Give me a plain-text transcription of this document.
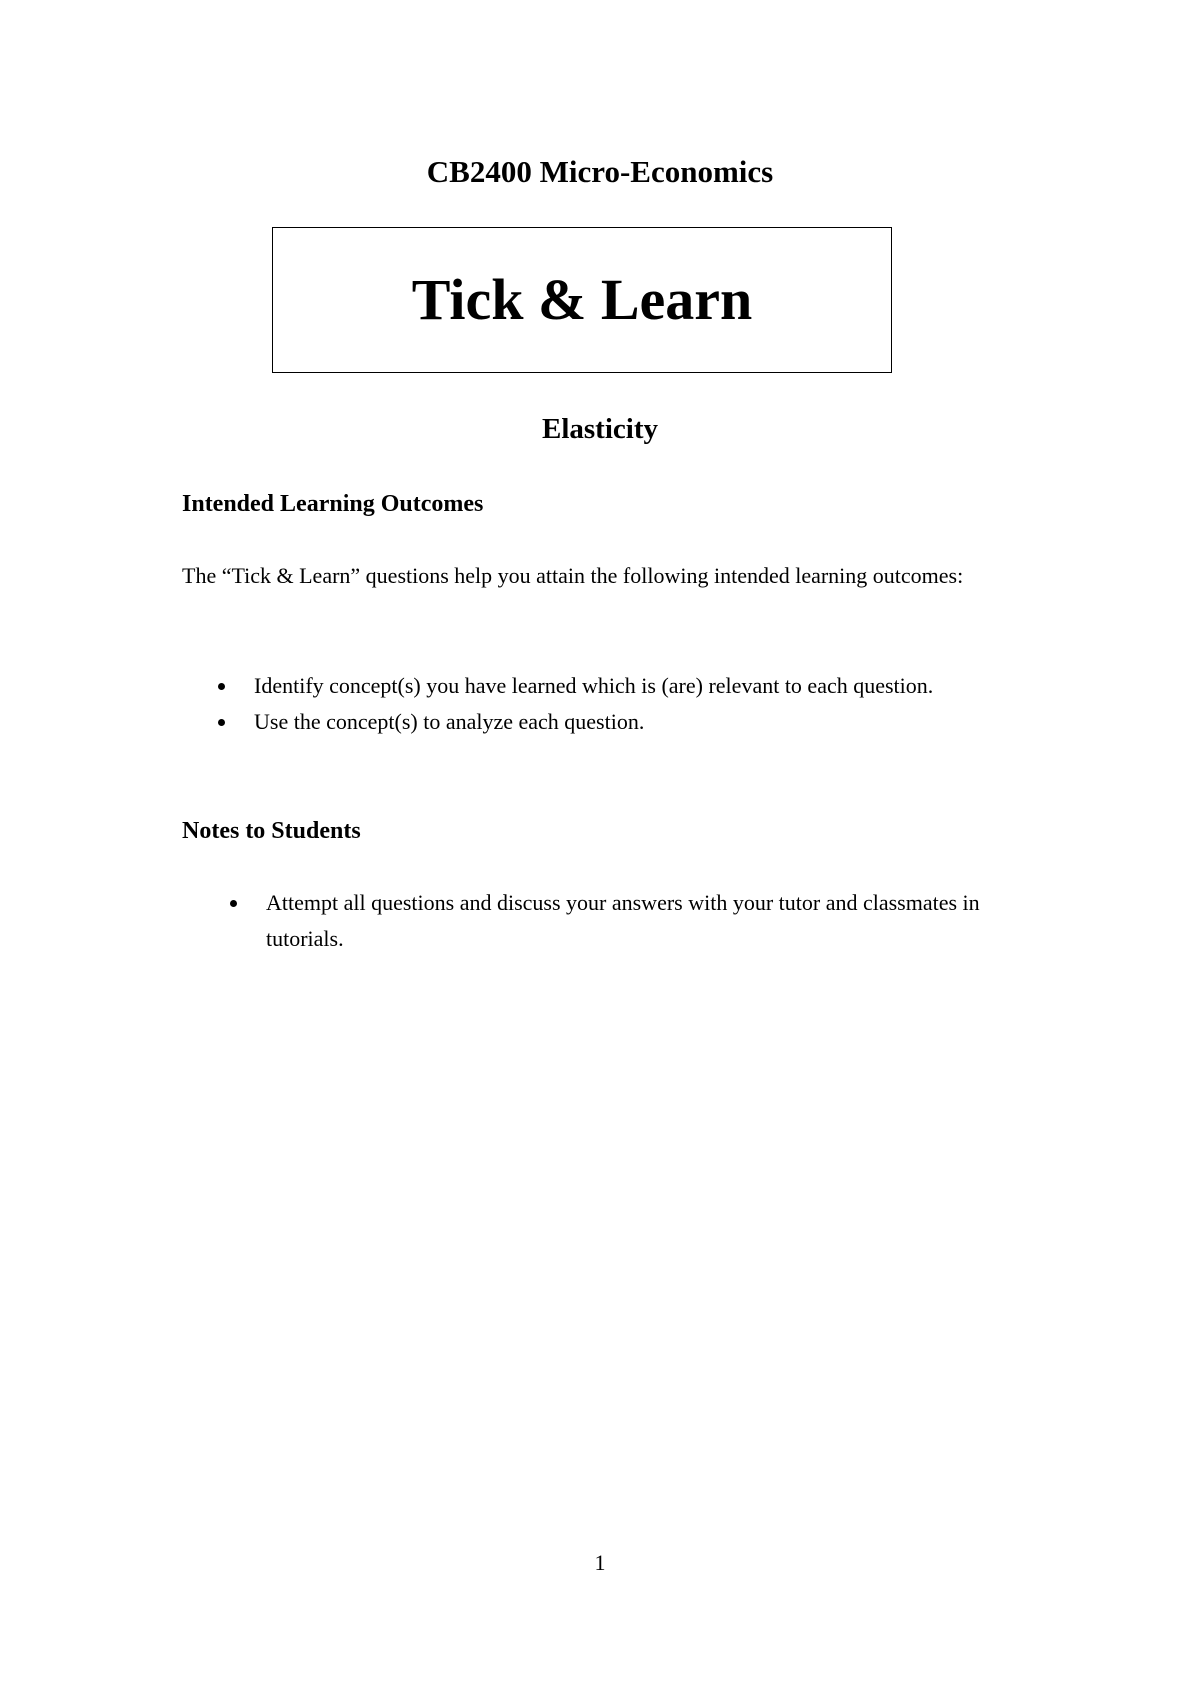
CB2400 Micro-Economics
Tick & Learn
Elasticity
Intended Learning Outcomes
The “Tick & Learn” questions help you attain the following intended learning outcomes:
Identify concept(s) you have learned which is (are) relevant to each question.
Use the concept(s) to analyze each question.
Notes to Students
Attempt all questions and discuss your answers with your tutor and classmates in tutorials.
1
